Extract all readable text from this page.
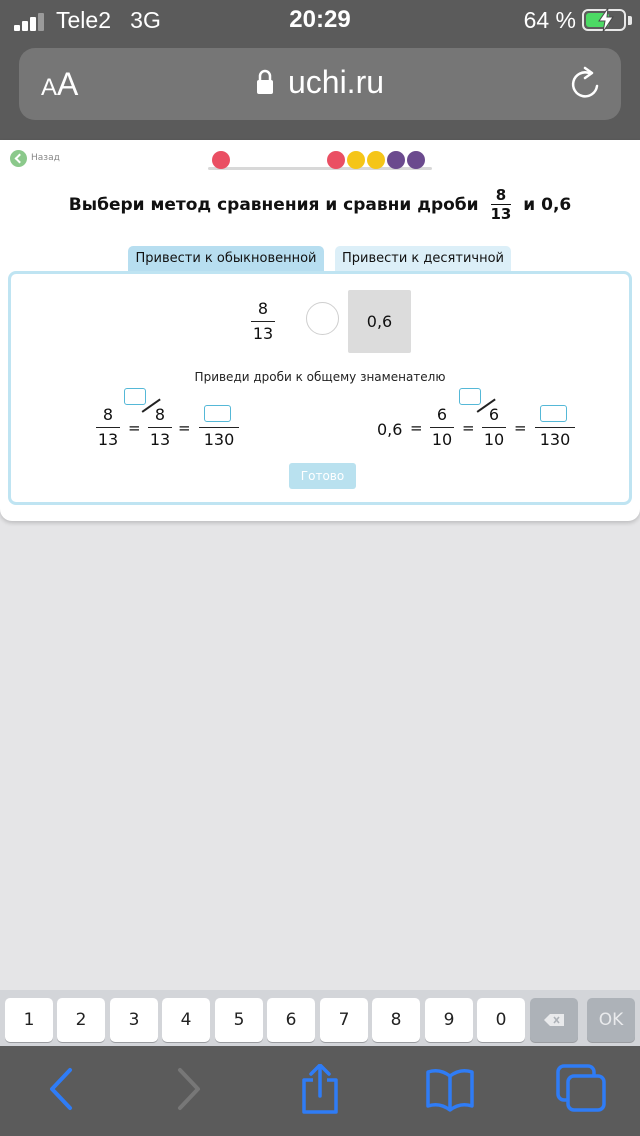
Tele2 3G	20:29	64 %
AA	uchi.ru
Назад
Выбери метод сравнения и сравни дроби $\frac{8}{13}$ и 0,6
Привести к обыкновенной	Привести к десятичной
8
13
0,6
Приведи дроби к общему знаменателю
8
13
=
8
13
=
130
0,6 =
6
10
=
6
10
=
130
Готово
1	2	3	4	5	6	7	8	9	0	OK
